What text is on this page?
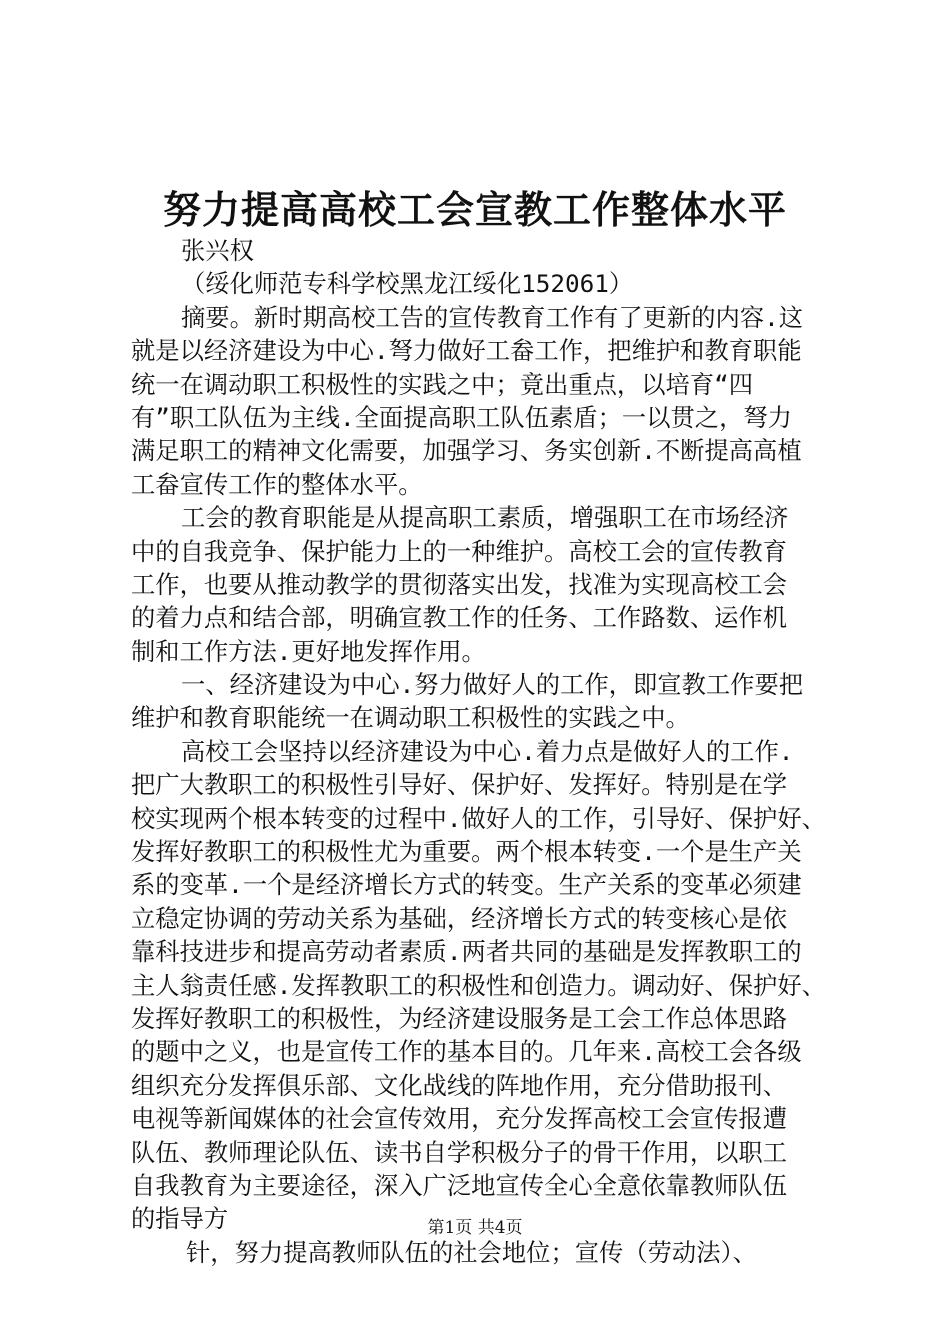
努力提高高校工会宣教工作整体水平
张兴权
（绥化师范专科学校黑龙江绥化152061）
摘要。新时期高校工告的宣传教育工作有了更新的内容.这
就是以经济建设为中心.弩力做好工畚工作，把维护和教育职能
统一在调动职工积极性的实践之中；竟出重点，以培育“四
有”职工队伍为主线.全面提高职工队伍素盾；一以贯之，弩力
满足职工的精神文化需要，加强学习、务实创新.不断提高高植
工畚宣传工作的整体水平。
工会的教育职能是从提高职工素质，增强职工在市场经济
中的自我竞争、保护能力上的一种维护。高校工会的宣传教育
工作，也要从推动教学的贯彻落实出发，找准为实现高校工会
的着力点和结合部，明确宣教工作的任务、工作路数、运作机
制和工作方法.更好地发挥作用。
一、经济建设为中心.努力做好人的工作，即宣教工作要把
维护和教育职能统一在调动职工积极性的实践之中。
高校工会坚持以经济建设为中心.着力点是做好人的工作.
把广大教职工的积极性引导好、保护好、发挥好。特别是在学
校实现两个根本转变的过程中.做好人的工作，引导好、保护好、
发挥好教职工的积极性尤为重要。两个根本转变.一个是生产关
系的变革.一个是经济增长方式的转变。生产关系的变革必须建
立稳定协调的劳动关系为基础，经济增长方式的转变核心是依
靠科技进步和提高劳动者素质.两者共同的基础是发挥教职工的
主人翁责任感.发挥教职工的积极性和创造力。调动好、保护好、
发挥好教职工的积极性，为经济建设服务是工会工作总体思路
的题中之义，也是宣传工作的基本目的。几年来.高校工会各级
组织充分发挥俱乐部、文化战线的阵地作用，充分借助报刊、
电视等新闻媒体的社会宣传效用，充分发挥高校工会宣传报遭
队伍、教师理论队伍、读书自学积极分子的骨干作用，以职工
自我教育为主要途径，深入广泛地宣传全心全意依靠教师队伍
的指导方
针，努力提高教师队伍的社会地位；宣传（劳动法）、
第1页 共4页
